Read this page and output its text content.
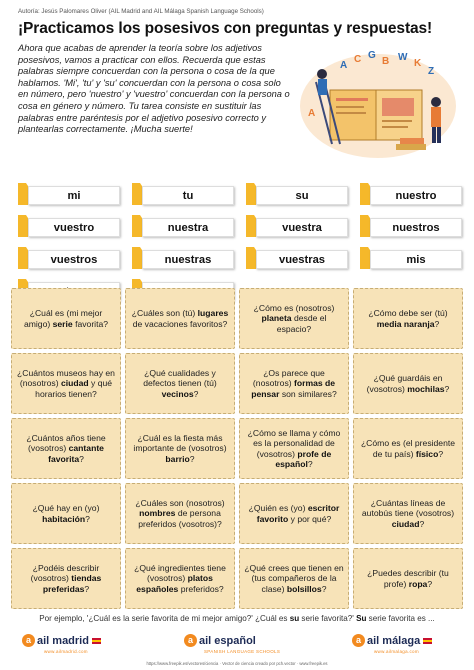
Autoría: Jesús Palomares Oliver (AIL Madrid and AIL Málaga Spanish Language Schools)
¡Practicamos los posesivos con preguntas y respuestas!

Ahora que acabas de aprender la teoría sobre los adjetivos posesivos, vamos a practicar con ellos. Recuerda que estas palabras siempre concuerdan con la persona o cosa de la que hablamos. 'Mi', 'tu' y 'su' concuerdan con la persona o cosa solo en número, pero 'nuestro' y 'vuestro' concuerdan con la persona o cosa en género y número. Tu tarea consiste en sustituir las palabras entre paréntesis por el adjetivo posesivo correcto y plantearlas correctamente. ¡Mucha suerte!

A
C G
B W
K
Z
A
mi	tu	su	nuestro
vuestro	nuestra	vuestra	nuestros
vuestros	nuestras	vuestras	mis

¿Cuál es (mi mejor amigo) serie favorita?

¿Cuáles son (tú) lugares de vacaciones favoritos?

¿Cómo es (nosotros) planeta desde el espacio?

¿Cómo debe ser (tú) media naranja?

¿Cuántos museos hay en (nosotros) ciudad y qué horarios tienen?

¿Qué cualidades y defectos tienen (tú) vecinos?

¿Os parece que (nosotros) formas de pensar son similares?

¿Qué guardáis en (vosotros) mochilas?

¿Cuántos años tiene (vosotros) cantante favorita?

¿Cuál es la fiesta más importante de (vosotros) barrio?

¿Cómo se llama y cómo es la personalidad de (vosotros) profe de español?

¿Cómo es (el presidente de tu país) físico?

¿Qué hay en (yo) habitación?

¿Cuáles son (nosotros) nombres de persona preferidos (vosotros)?

¿Quién es (yo) escritor favorito y por qué?

¿Cuántas líneas de autobús tiene (vosotros) ciudad?

¿Podéis describir (vosotros) tiendas preferidas?

¿Qué ingredientes tiene (vosotros) platos españoles preferidos?

¿Qué crees que tienen en (tus compañeros de la clase) bolsillos?

¿Puedes describir (tu profe) ropa?

Por ejemplo, '¿Cuál es la serie favorita de mi mejor amigo?' ¿Cuál es su serie favorita?' Su serie favorita es ...

a ail madrid
www.ailmadrid.com
a ail español
SPANISH LANGUAGE SCHOOLS
a ail málaga
www.ailmalaga.com
https://www.freepik.es/vectores/ciencia · Vector de ciencia creado por pch.vector · www.freepik.es
